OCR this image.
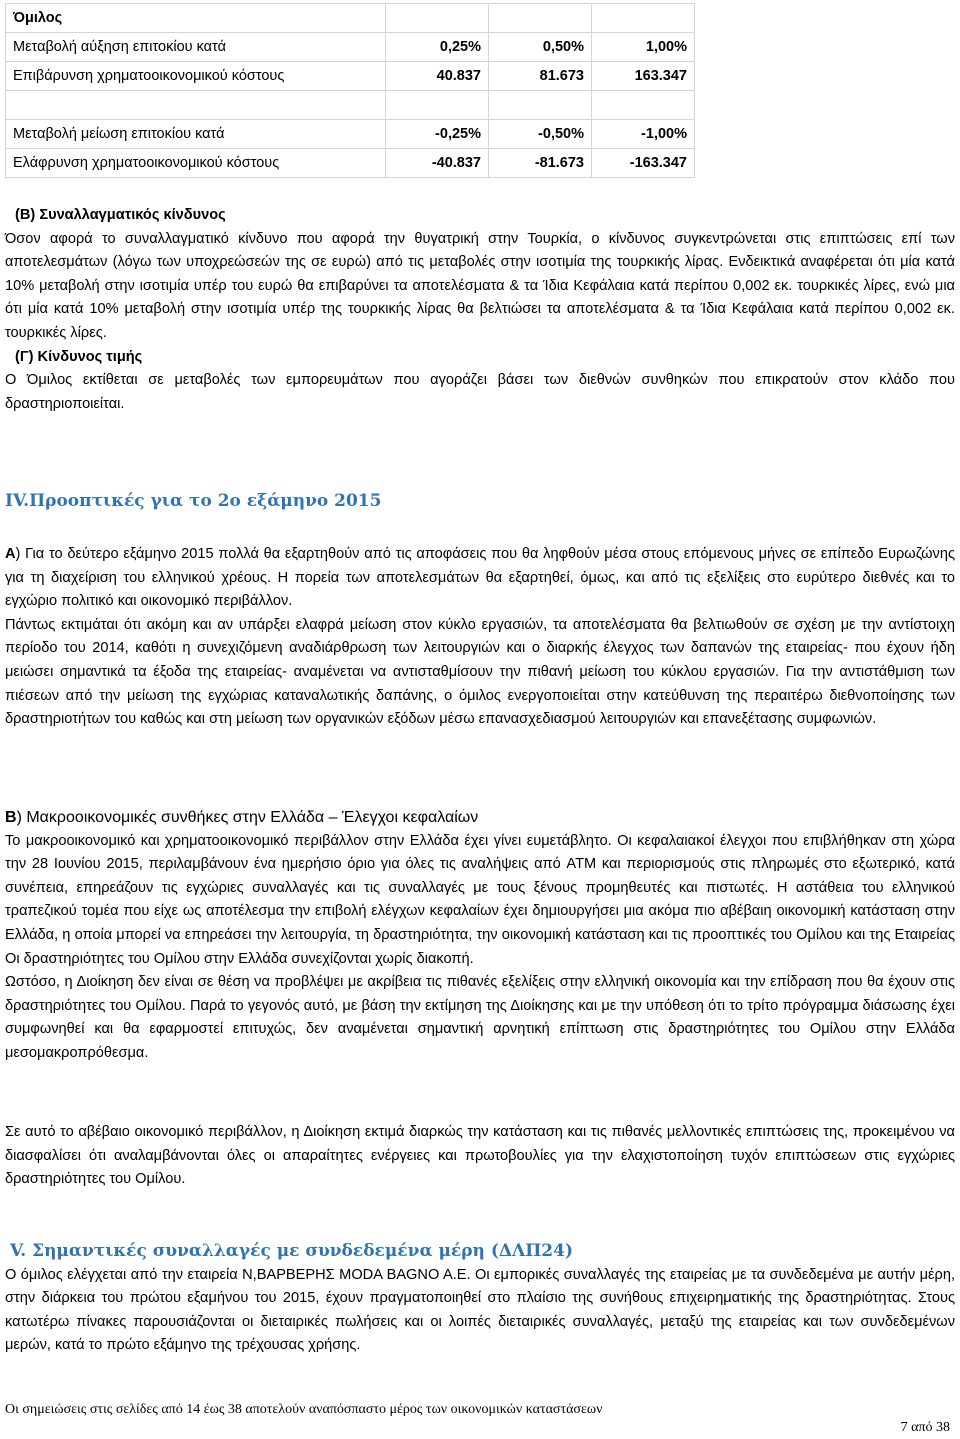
Όμιλος			
Μεταβολή αύξηση επιτοκίου κατά	0,25%	0,50%	1,00%
Επιβάρυνση χρηματοοικονομικού κόστους	40.837	81.673	163.347

Μεταβολή μείωση επιτοκίου κατά	-0,25%	-0,50%	-1,00%
Ελάφρυνση χρηματοοικονομικού κόστους	-40.837	-81.673	-163.347

(Β) Συναλλαγματικός κίνδυνος

Όσον αφορά το συναλλαγματικό κίνδυνο που αφορά την θυγατρική στην Τουρκία, ο κίνδυνος συγκεντρώνεται στις επιπτώσεις επί των αποτελεσμάτων (λόγω των υποχρεώσεών της σε ευρώ) από τις μεταβολές στην ισοτιμία της τουρκικής λίρας. Ενδεικτικά αναφέρεται ότι μία κατά 10% μεταβολή στην ισοτιμία υπέρ του ευρώ θα επιβαρύνει τα αποτελέσματα & τα Ίδια Κεφάλαια κατά περίπου 0,002 εκ. τουρκικές λίρες, ενώ μια ότι μία κατά 10% μεταβολή στην ισοτιμία υπέρ της τουρκικής λίρας θα βελτιώσει τα αποτελέσματα & τα Ίδια Κεφάλαια κατά περίπου 0,002 εκ. τουρκικές λίρες.

(Γ) Κίνδυνος τιμής

Ο Όμιλος εκτίθεται σε μεταβολές των εμπορευμάτων που αγοράζει βάσει των διεθνών συνθηκών που επικρατούν στον κλάδο που δραστηριοποιείται.

IV.Προοπτικές για το 2ο εξάμηνο 2015

Α) Για το δεύτερο εξάμηνο 2015 πολλά θα εξαρτηθούν από τις αποφάσεις που θα ληφθούν μέσα στους επόμενους μήνες σε επίπεδο Ευρωζώνης για τη διαχείριση του ελληνικού χρέους. Η πορεία των αποτελεσμάτων θα εξαρτηθεί, όμως, και από τις εξελίξεις στο ευρύτερο διεθνές και το εγχώριο πολιτικό και οικονομικό περιβάλλον.

Πάντως εκτιμάται ότι ακόμη και αν υπάρξει ελαφρά μείωση στον κύκλο εργασιών, τα αποτελέσματα θα βελτιωθούν σε σχέση με την αντίστοιχη περίοδο του 2014, καθότι η συνεχιζόμενη αναδιάρθρωση των λειτουργιών και ο διαρκής έλεγχος των δαπανών της εταιρείας- που έχουν ήδη μειώσει σημαντικά τα έξοδα της εταιρείας- αναμένεται να αντισταθμίσουν την πιθανή μείωση του κύκλου εργασιών. Για την αντιστάθμιση των πιέσεων από την μείωση της εγχώριας καταναλωτικής δαπάνης, ο όμιλος ενεργοποιείται στην κατεύθυνση της περαιτέρω διεθνοποίησης των δραστηριοτήτων του καθώς και στη μείωση των οργανικών εξόδων μέσω επανασχεδιασμού λειτουργιών και επανεξέτασης συμφωνιών.

Β) Μακροοικονομικές συνθήκες στην Ελλάδα – Έλεγχοι κεφαλαίων

Το μακροοικονομικό και χρηματοοικονομικό περιβάλλον στην Ελλάδα έχει γίνει ευμετάβλητο. Οι κεφαλαιακοί έλεγχοι που επιβλήθηκαν στη χώρα την 28 Ιουνίου 2015, περιλαμβάνουν ένα ημερήσιο όριο για όλες τις αναλήψεις από ATM και περιορισμούς στις πληρωμές στο εξωτερικό, κατά συνέπεια, επηρεάζουν τις εγχώριες συναλλαγές και τις συναλλαγές με τους ξένους προμηθευτές και πιστωτές. Η αστάθεια του ελληνικού τραπεζικού τομέα που είχε ως αποτέλεσμα την επιβολή ελέγχων κεφαλαίων έχει δημιουργήσει μια ακόμα πιο αβέβαιη οικονομική κατάσταση στην Ελλάδα, η οποία μπορεί να επηρεάσει την λειτουργία, τη δραστηριότητα, την οικονομική κατάσταση και τις προοπτικές του Ομίλου και της Εταιρείας Οι δραστηριότητες του Ομίλου στην Ελλάδα συνεχίζονται χωρίς διακοπή.

Ωστόσο, η Διοίκηση δεν είναι σε θέση να προβλέψει με ακρίβεια τις πιθανές εξελίξεις στην ελληνική οικονομία και την επίδραση που θα έχουν στις δραστηριότητες του Ομίλου. Παρά το γεγονός αυτό, με βάση την εκτίμηση της Διοίκησης και με την υπόθεση ότι το τρίτο πρόγραμμα διάσωσης έχει συμφωνηθεί και θα εφαρμοστεί επιτυχώς, δεν αναμένεται σημαντική αρνητική επίπτωση στις δραστηριότητες του Ομίλου στην Ελλάδα μεσομακροπρόθεσμα.

Σε αυτό το αβέβαιο οικονομικό περιβάλλον, η Διοίκηση εκτιμά διαρκώς την κατάσταση και τις πιθανές μελλοντικές επιπτώσεις της, προκειμένου να διασφαλίσει ότι αναλαμβάνονται όλες οι απαραίτητες ενέργειες και πρωτοβουλίες για την ελαχιστοποίηση τυχόν επιπτώσεων στις εγχώριες δραστηριότητες του Ομίλου.

V. Σημαντικές συναλλαγές με συνδεδεμένα μέρη (ΔΛΠ24)

Ο όμιλος ελέγχεται από την εταιρεία Ν,ΒΑΡΒΕΡΗΣ MODA BAGNO A.E. Οι εμπορικές συναλλαγές της εταιρείας με τα συνδεδεμένα με αυτήν μέρη, στην διάρκεια του πρώτου εξαμήνου του 2015, έχουν πραγματοποιηθεί στο πλαίσιο της συνήθους επιχειρηματικής της δραστηριότητας. Στους κατωτέρω πίνακες παρουσιάζονται οι διεταιρικές πωλήσεις και οι λοιπές διεταιρικές συναλλαγές, μεταξύ της εταιρείας και των συνδεδεμένων μερών, κατά το πρώτο εξάμηνο της τρέχουσας χρήσης.

Οι σημειώσεις στις σελίδες από 14 έως 38 αποτελούν αναπόσπαστο μέρος των οικονομικών καταστάσεων
7 από 38
